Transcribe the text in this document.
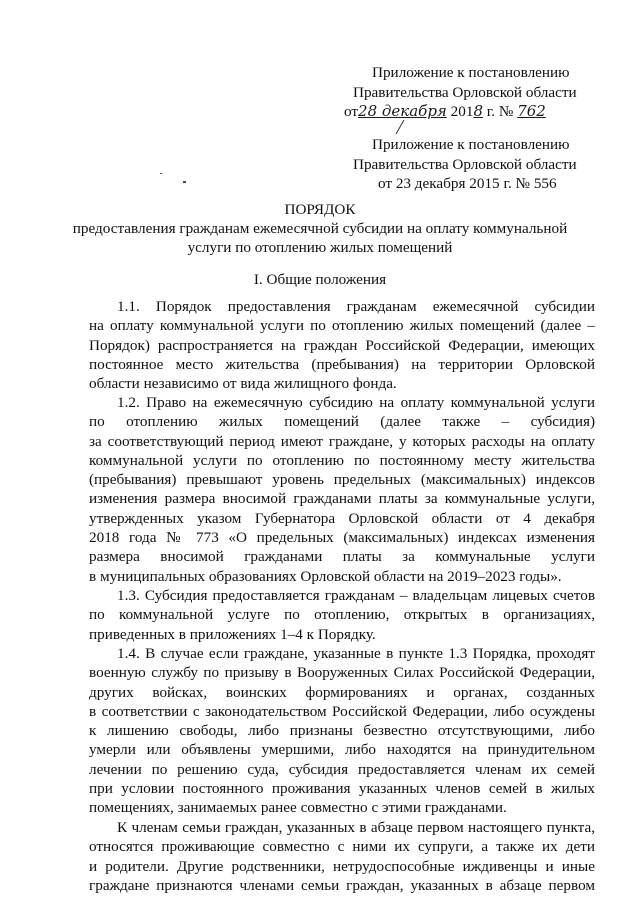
Приложение к постановлению
Правительства Орловской области
от28 декабря 2018 г. № 762
Приложение к постановлению
Правительства Орловской области
от 23 декабря 2015 г. № 556
ПОРЯДОК
предоставления гражданам ежемесячной субсидии на оплату коммунальной
услуги по отоплению жилых помещений
I. Общие положения
1.1. Порядок предоставления гражданам ежемесячной субсидии
на оплату коммунальной услуги по отоплению жилых помещений (далее –
Порядок) распространяется на граждан Российской Федерации, имеющих
постоянное место жительства (пребывания) на территории Орловской
области независимо от вида жилищного фонда.
1.2. Право на ежемесячную субсидию на оплату коммунальной услуги
по отоплению жилых помещений (далее также – субсидия)
за соответствующий период имеют граждане, у которых расходы на оплату
коммунальной услуги по отоплению по постоянному месту жительства
(пребывания) превышают уровень предельных (максимальных) индексов
изменения размера вносимой гражданами платы за коммунальные услуги,
утвержденных указом Губернатора Орловской области от 4 декабря
2018 года № 773 «О предельных (максимальных) индексах изменения
размера вносимой гражданами платы за коммунальные услуги
в муниципальных образованиях Орловской области на 2019–2023 годы».
1.3. Субсидия предоставляется гражданам – владельцам лицевых счетов
по коммунальной услуге по отоплению, открытых в организациях,
приведенных в приложениях 1–4 к Порядку.
1.4. В случае если граждане, указанные в пункте 1.3 Порядка, проходят
военную службу по призыву в Вооруженных Силах Российской Федерации,
других войсках, воинских формированиях и органах, созданных
в соответствии с законодательством Российской Федерации, либо осуждены
к лишению свободы, либо признаны безвестно отсутствующими, либо
умерли или объявлены умершими, либо находятся на принудительном
лечении по решению суда, субсидия предоставляется членам их семей
при условии постоянного проживания указанных членов семей в жилых
помещениях, занимаемых ранее совместно с этими гражданами.
К членам семьи граждан, указанных в абзаце первом настоящего пункта,
относятся проживающие совместно с ними их супруги, а также их дети
и родители. Другие родственники, нетрудоспособные иждивенцы и иные
граждане признаются членами семьи граждан, указанных в абзаце первом
